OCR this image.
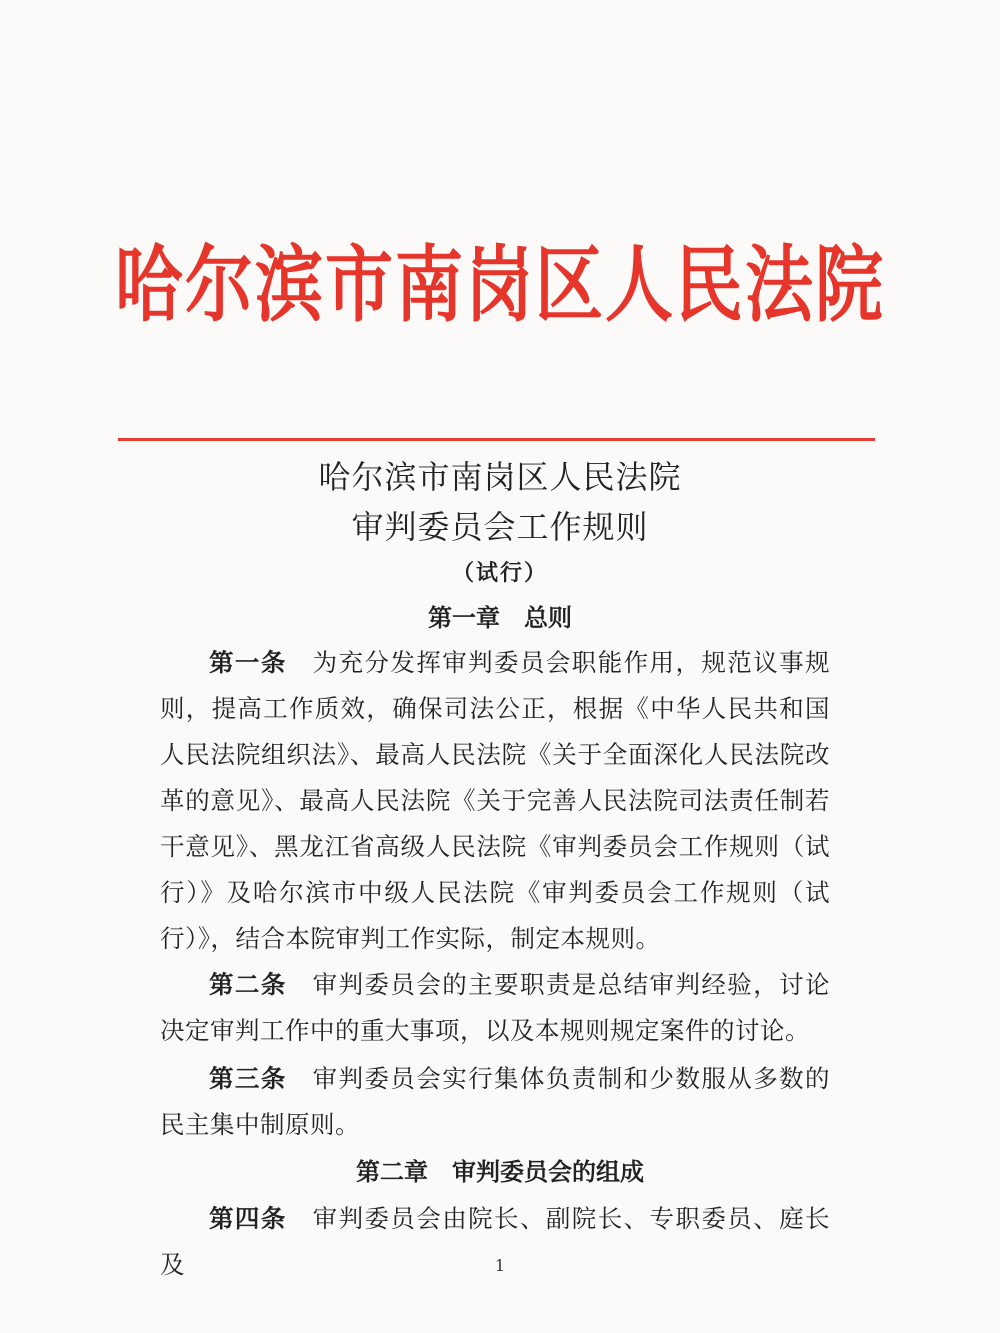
哈尔滨市南岗区人民法院
哈尔滨市南岗区人民法院
审判委员会工作规则
（试行）
第一章　总则

第一条　 为充分发挥审判委员会职能作用，规范议事规则，提高工作质效，确保司法公正，根据《中华人民共和国人民法院组织法》、最高人民法院《关于全面深化人民法院改革的意见》、最高人民法院《关于完善人民法院司法责任制若干意见》、黑龙江省高级人民法院《审判委员会工作规则（试行）》及哈尔滨市中级人民法院《审判委员会工作规则（试行）》，结合本院审判工作实际，制定本规则。

第二条　 审判委员会的主要职责是总结审判经验，讨论决定审判工作中的重大事项，以及本规则规定案件的讨论。

第三条　 审判委员会实行集体负责制和少数服从多数的民主集中制原则。

第二章　审判委员会的组成

第四条　 审判委员会由院长、副院长、专职委员、庭长及	1
